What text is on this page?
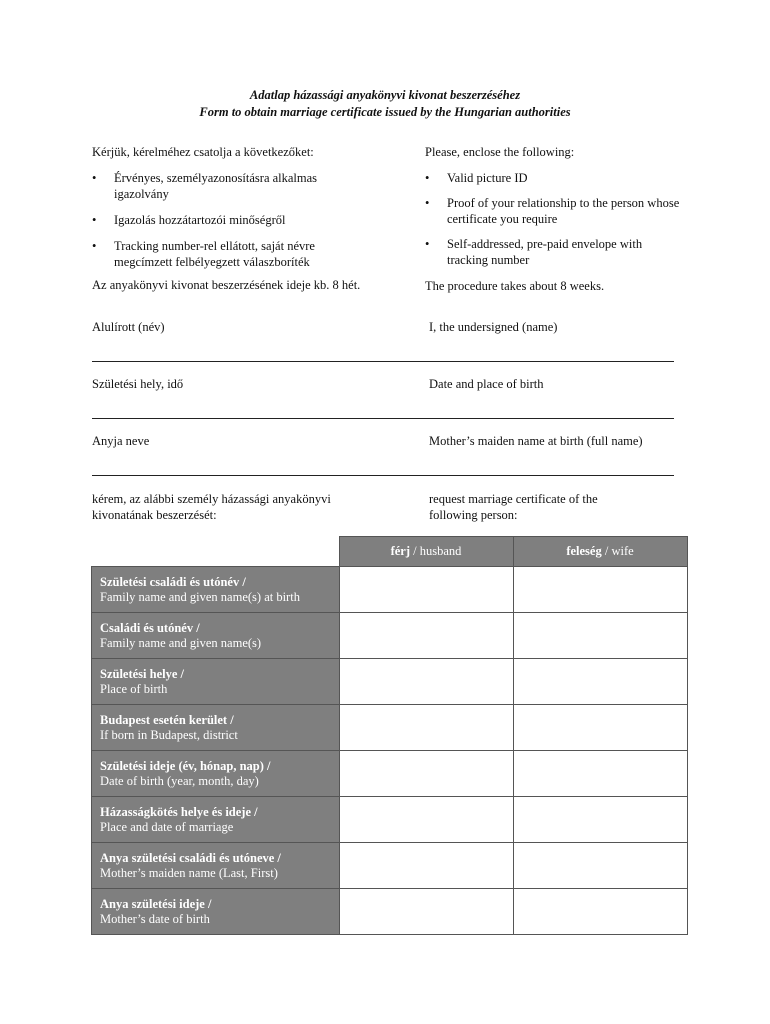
Adatlap házassági anyakönyvi kivonat beszerzéséhez
Form to obtain marriage certificate issued by the Hungarian authorities
Kérjük, kérelméhez csatolja a következőket:	Please, enclose the following:
• Érvényes, személyazonosításra alkalmas igazolvány
• Igazolás hozzátartozói minőségről
• Tracking number-rel ellátott, saját névre megcímzett felbélyegzett válaszboríték
• Valid picture ID
• Proof of your relationship to the person whose certificate you require
• Self-addressed, pre-paid envelope with tracking number
Az anyakönyvi kivonat beszerzésének ideje kb. 8 hét.	The procedure takes about 8 weeks.
Alulírott (név)	I, the undersigned (name)
Születési hely, idő	Date and place of birth
Anyja neve	Mother’s maiden name at birth (full name)
kérem, az alábbi személy házassági anyakönyvi kivonatának beszerzését:
request marriage certificate of the following person:
	férj / husband	feleség / wife
Születési családi és utónév /
Family name and given name(s) at birth		
Családi és utónév /
Family name and given name(s)		
Születési helye /
Place of birth		
Budapest esetén kerület /
If born in Budapest, district		
Születési ideje (év, hónap, nap) /
Date of birth (year, month, day)		
Házasságkötés helye és ideje /
Place and date of marriage		
Anya születési családi és utóneve /
Mother’s maiden name (Last, First)		
Anya születési ideje /
Mother’s date of birth		
